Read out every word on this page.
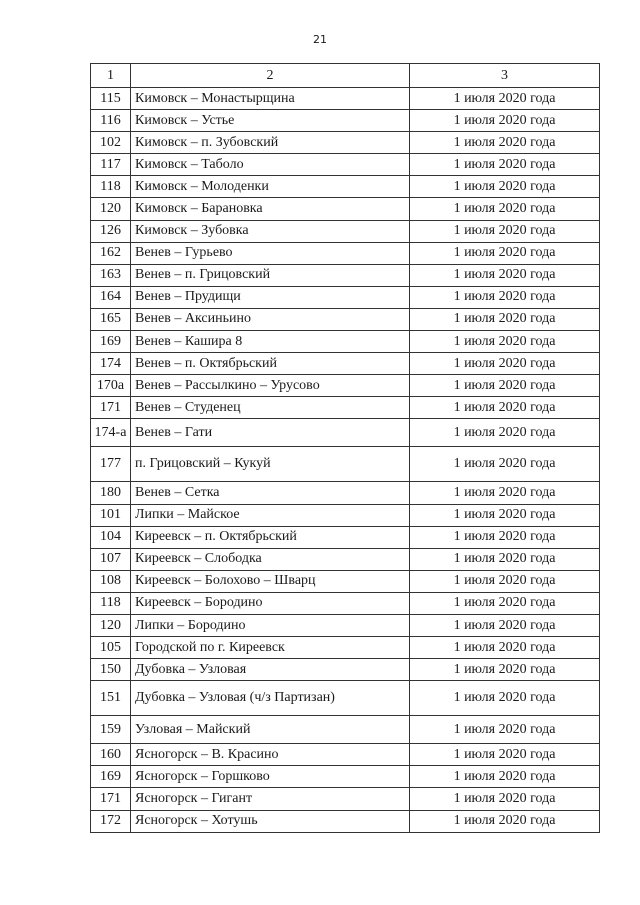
21
1	2	3
115	Кимовск – Монастырщина	1 июля 2020 года
116	Кимовск – Устье	1 июля 2020 года
102	Кимовск – п. Зубовский	1 июля 2020 года
117	Кимовск – Таболо	1 июля 2020 года
118	Кимовск – Молоденки	1 июля 2020 года
120	Кимовск – Барановка	1 июля 2020 года
126	Кимовск – Зубовка	1 июля 2020 года
162	Венев – Гурьево	1 июля 2020 года
163	Венев – п. Грицовский	1 июля 2020 года
164	Венев – Прудищи	1 июля 2020 года
165	Венев – Аксиньино	1 июля 2020 года
169	Венев – Кашира 8	1 июля 2020 года
174	Венев – п. Октябрьский	1 июля 2020 года
170а	Венев – Рассылкино – Урусово	1 июля 2020 года
171	Венев – Студенец	1 июля 2020 года
174-а	Венев – Гати	1 июля 2020 года
177	п. Грицовский – Кукуй	1 июля 2020 года
180	Венев – Сетка	1 июля 2020 года
101	Липки – Майское	1 июля 2020 года
104	Киреевск – п. Октябрьский	1 июля 2020 года
107	Киреевск – Слободка	1 июля 2020 года
108	Киреевск – Болохово – Шварц	1 июля 2020 года
118	Киреевск – Бородино	1 июля 2020 года
120	Липки – Бородино	1 июля 2020 года
105	Городской по г. Киреевск	1 июля 2020 года
150	Дубовка – Узловая	1 июля 2020 года
151	Дубовка – Узловая (ч/з Партизан)	1 июля 2020 года
159	Узловая – Майский	1 июля 2020 года
160	Ясногорск – В. Красино	1 июля 2020 года
169	Ясногорск – Горшково	1 июля 2020 года
171	Ясногорск – Гигант	1 июля 2020 года
172	Ясногорск – Хотушь	1 июля 2020 года
